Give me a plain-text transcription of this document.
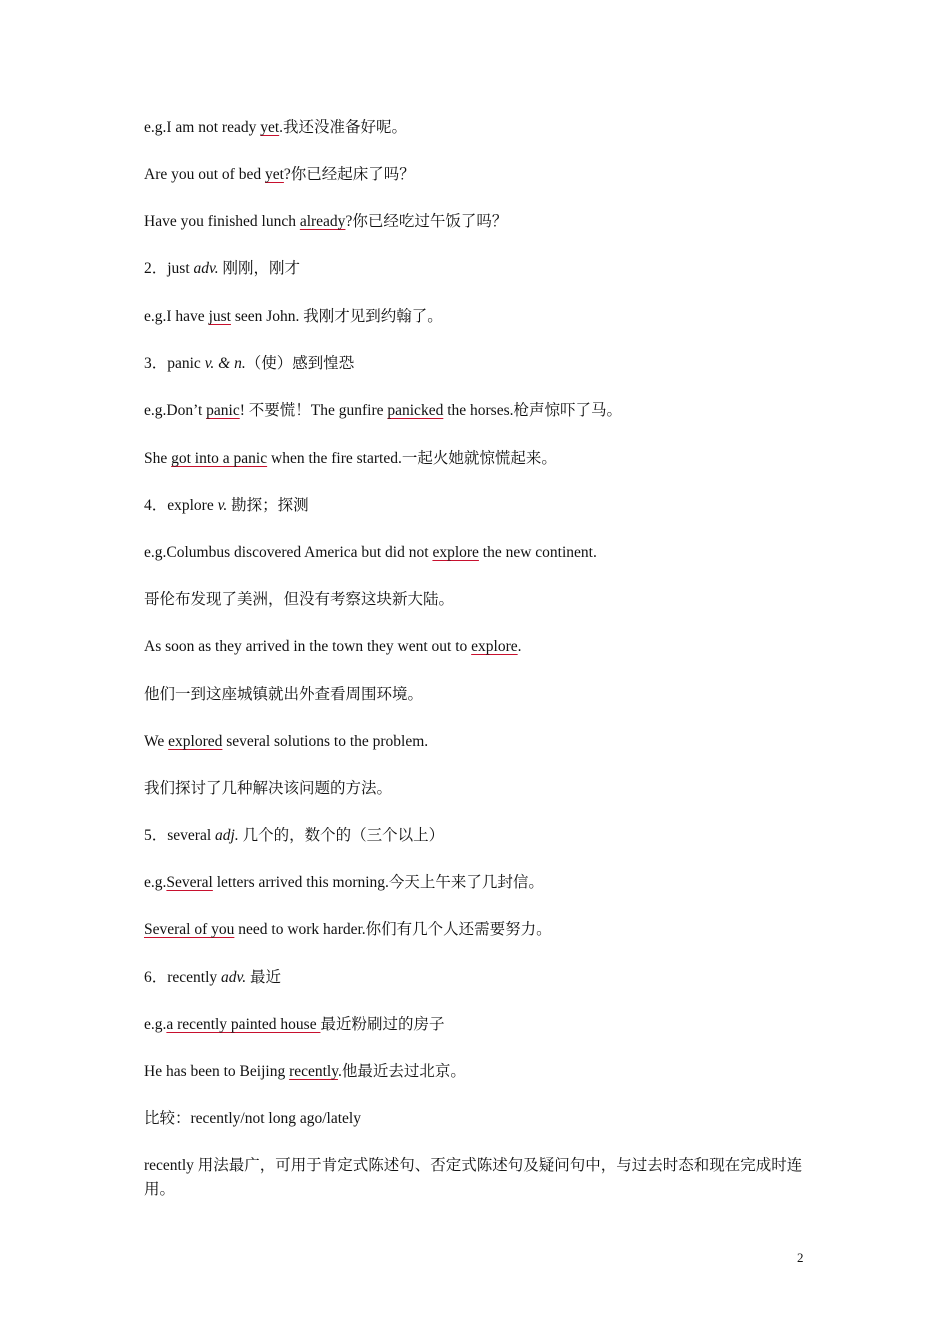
e.g.I am not ready yet.我还没准备好呢。
Are you out of bed yet?你已经起床了吗？
Have you finished lunch already?你已经吃过午饭了吗？
2．just adv. 刚刚，刚才
e.g.I have just seen John. 我刚才见到约翰了。
3．panic v. & n.（使）感到惶恐
e.g.Don’t panic! 不要慌！The gunfire panicked the horses.枪声惊吓了马。
She got into a panic when the fire started.一起火她就惊慌起来。
4．explore v. 勘探；探测
e.g.Columbus discovered America but did not explore the new continent.
哥伦布发现了美洲，但没有考察这块新大陆。
As soon as they arrived in the town they went out to explore.
他们一到这座城镇就出外查看周围环境。
We explored several solutions to the problem.
我们探讨了几种解决该问题的方法。
5．several adj. 几个的，数个的（三个以上）
e.g.Several letters arrived this morning.今天上午来了几封信。
Several of you need to work harder.你们有几个人还需要努力。
6．recently adv. 最近
e.g.a recently painted house 最近粉刷过的房子
He has been to Beijing recently.他最近去过北京。
比较：recently/not long ago/lately
recently 用法最广，可用于肯定式陈述句、否定式陈述句及疑问句中，与过去时态和现在完成时连用。
2
